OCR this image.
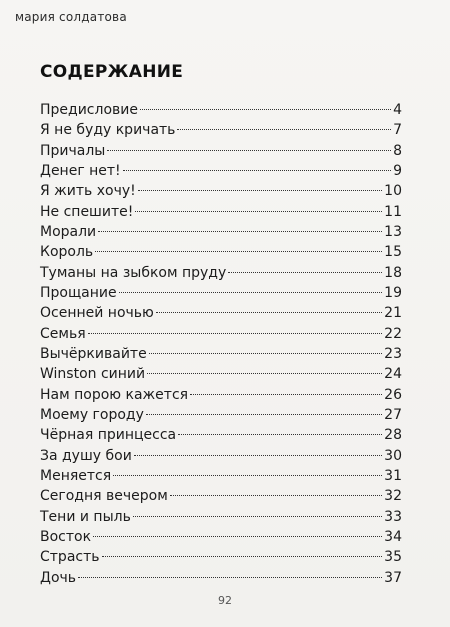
мария солдатова
СОДЕРЖАНИЕ
Предисловие	4
Я не буду кричать	7
Причалы	8
Денег нет!	9
Я жить хочу!	10
Не спешите!	11
Морали	13
Король	15
Туманы на зыбком пруду	18
Прощание	19
Осенней ночью	21
Семья	22
Вычёркивайте	23
Winston синий	24
Нам порою кажется	26
Моему городу	27
Чёрная принцесса	28
За душу бои	30
Меняется	31
Сегодня вечером	32
Тени и пыль	33
Восток	34
Страсть	35
Дочь	37
92
